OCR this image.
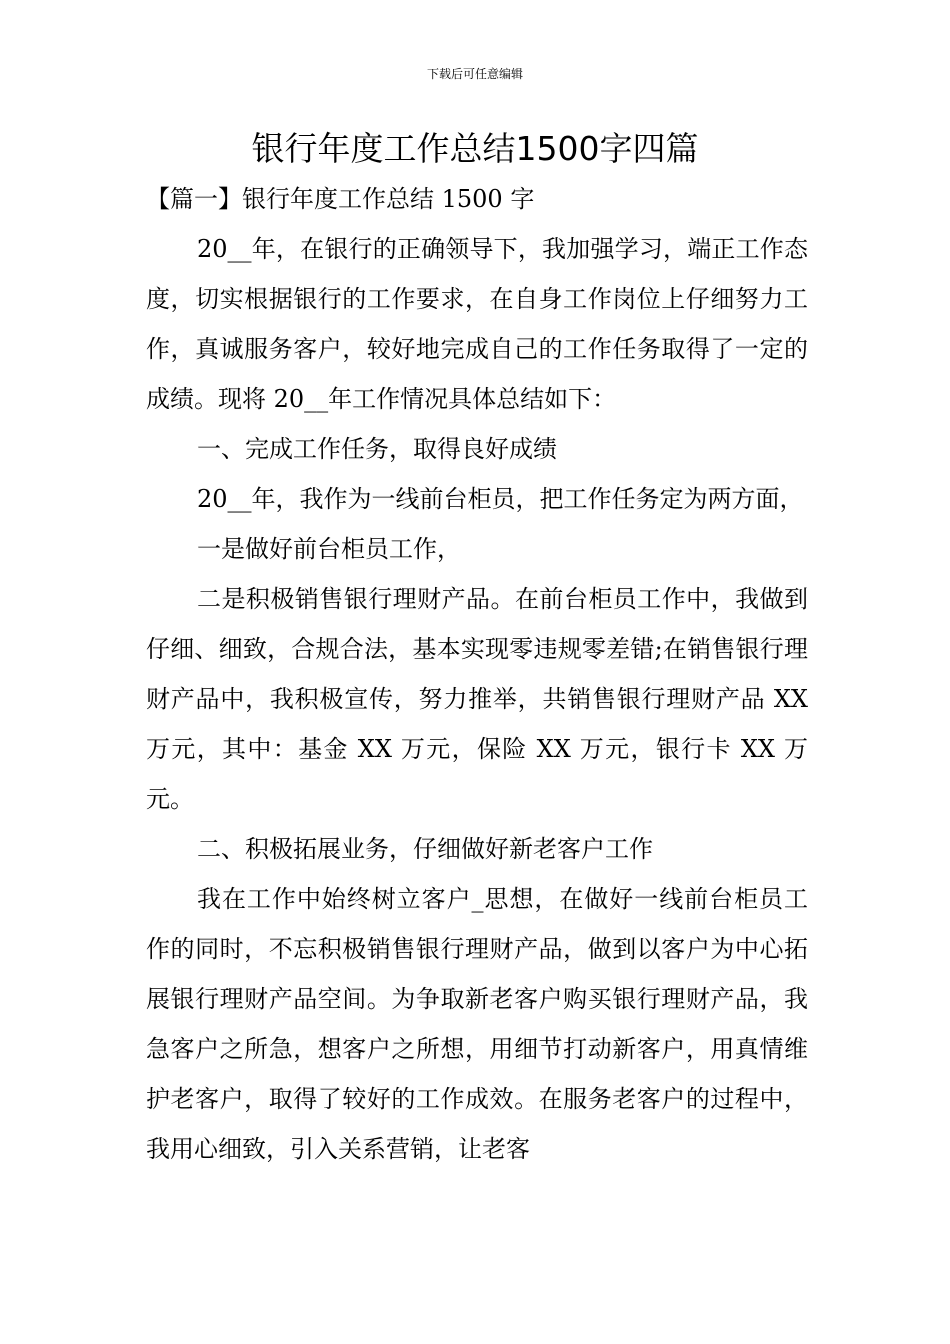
下载后可任意编辑
银行年度工作总结1500字四篇

【篇一】银行年度工作总结 1500 字

20__年，在银行的正确领导下，我加强学习，端正工作态度，切实根据银行的工作要求，在自身工作岗位上仔细努力工作，真诚服务客户，较好地完成自己的工作任务取得了一定的成绩。现将 20__年工作情况具体总结如下：

一、完成工作任务，取得良好成绩

20__年，我作为一线前台柜员，把工作任务定为两方面，

一是做好前台柜员工作，

二是积极销售银行理财产品。在前台柜员工作中，我做到仔细、细致，合规合法，基本实现零违规零差错;在销售银行理财产品中，我积极宣传，努力推举，共销售银行理财产品 XX 万元，其中：基金 XX 万元，保险 XX 万元，银行卡 XX 万元。

二、积极拓展业务，仔细做好新老客户工作

我在工作中始终树立客户_思想，在做好一线前台柜员工作的同时，不忘积极销售银行理财产品，做到以客户为中心拓展银行理财产品空间。为争取新老客户购买银行理财产品，我急客户之所急，想客户之所想，用细节打动新客户，用真情维护老客户，取得了较好的工作成效。在服务老客户的过程中，我用心细致，引入关系营销，让老客
